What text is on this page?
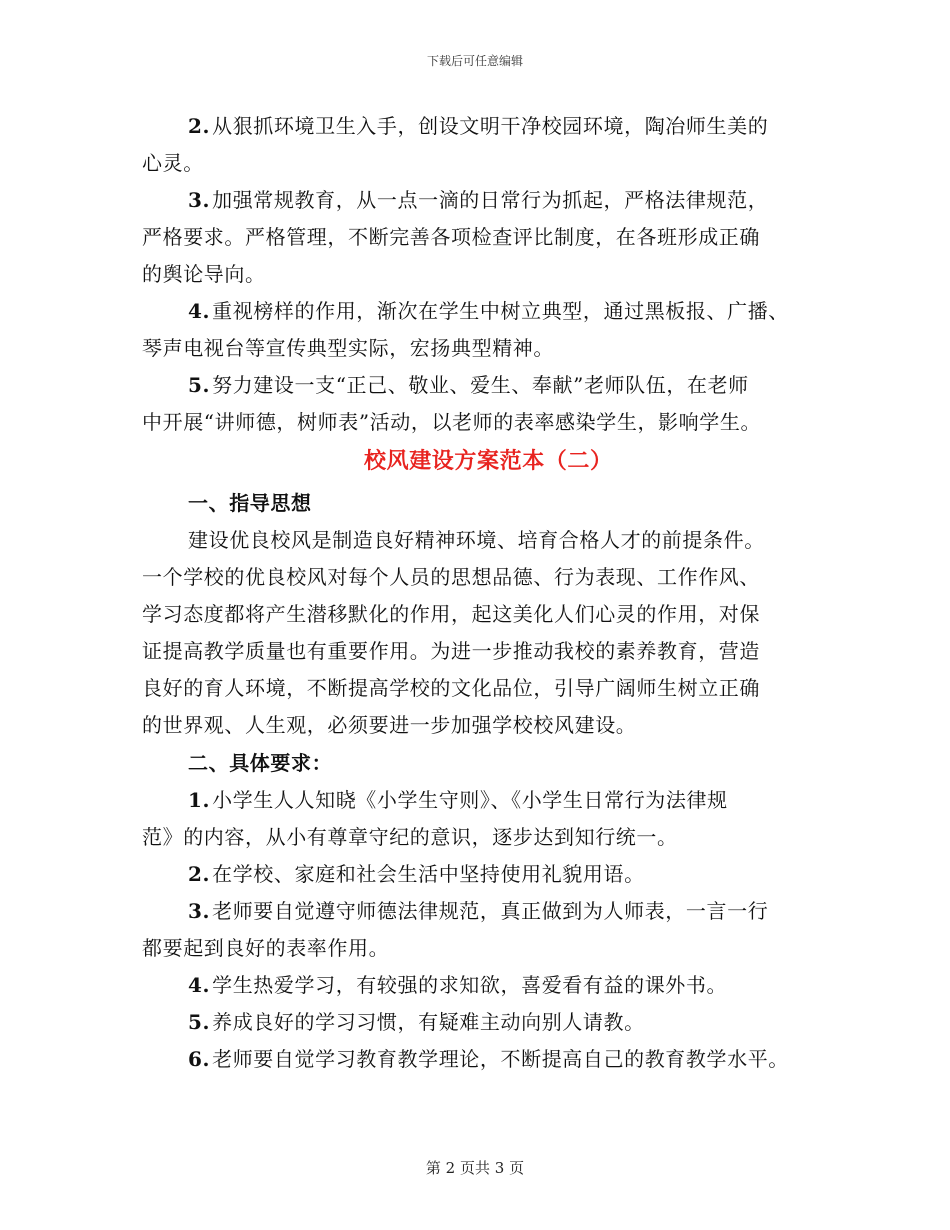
下载后可任意编辑
2. 从狠抓环境卫生入手，创设文明干净校园环境，陶冶师生美的
心灵。
3. 加强常规教育，从一点一滴的日常行为抓起，严格法律规范，
严格要求。严格管理，不断完善各项检查评比制度，在各班形成正确
的舆论导向。
4. 重视榜样的作用，渐次在学生中树立典型，通过黑板报、广播、
琴声电视台等宣传典型实际，宏扬典型精神。
5. 努力建设一支“正己、敬业、爱生、奉献”老师队伍，在老师
中开展“讲师德，树师表”活动，以老师的表率感染学生，影响学生。
校风建设方案范本（二）
一、指导思想
建设优良校风是制造良好精神环境、培育合格人才的前提条件。
一个学校的优良校风对每个人员的思想品德、行为表现、工作作风、
学习态度都将产生潜移默化的作用，起这美化人们心灵的作用，对保
证提高教学质量也有重要作用。为进一步推动我校的素养教育，营造
良好的育人环境，不断提高学校的文化品位，引导广阔师生树立正确
的世界观、人生观，必须要进一步加强学校校风建设。
二、具体要求：
1. 小学生人人知晓《小学生守则》、《小学生日常行为法律规
范》的内容，从小有尊章守纪的意识，逐步达到知行统一。
2. 在学校、家庭和社会生活中坚持使用礼貌用语。
3. 老师要自觉遵守师德法律规范，真正做到为人师表，一言一行
都要起到良好的表率作用。
4. 学生热爱学习，有较强的求知欲，喜爱看有益的课外书。
5. 养成良好的学习习惯，有疑难主动向别人请教。
6. 老师要自觉学习教育教学理论，不断提高自己的教育教学水平。
第 2 页共 3 页
